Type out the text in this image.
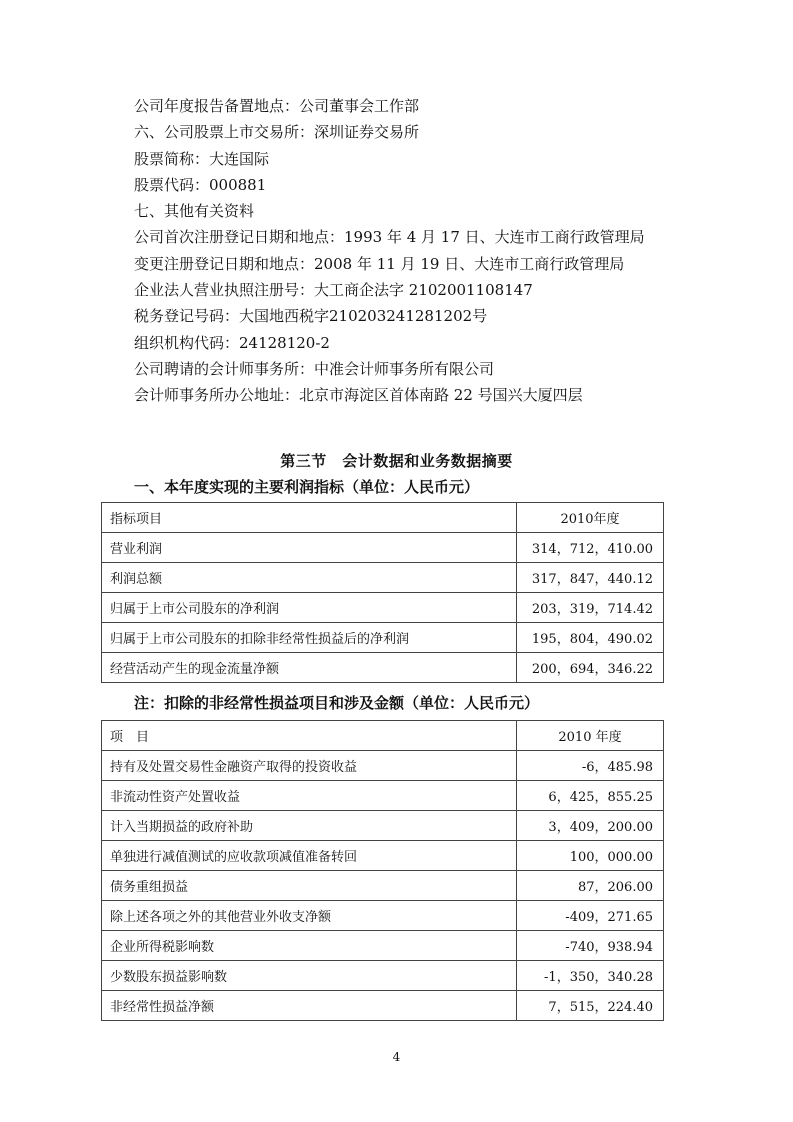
公司年度报告备置地点：公司董事会工作部
六、公司股票上市交易所：深圳证券交易所
股票简称：大连国际
股票代码：000881
七、其他有关资料
公司首次注册登记日期和地点：1993 年 4 月 17 日、大连市工商行政管理局
变更注册登记日期和地点：2008 年 11 月 19 日、大连市工商行政管理局
企业法人营业执照注册号：大工商企法字 2102001108147
税务登记号码：大国地西税字210203241281202号
组织机构代码：24128120-2
公司聘请的会计师事务所：中准会计师事务所有限公司
会计师事务所办公地址：北京市海淀区首体南路 22 号国兴大厦四层
第三节　会计数据和业务数据摘要
一、本年度实现的主要利润指标（单位：人民币元）
指标项目	2010年度
营业利润	314，712，410.00
利润总额	317，847，440.12
归属于上市公司股东的净利润	203，319，714.42
归属于上市公司股东的扣除非经常性损益后的净利润	195，804，490.02
经营活动产生的现金流量净额	200，694，346.22
注：扣除的非经常性损益项目和涉及金额（单位：人民币元）
项　目	2010 年度
持有及处置交易性金融资产取得的投资收益	-6，485.98
非流动性资产处置收益	6，425，855.25
计入当期损益的政府补助	3，409，200.00
单独进行减值测试的应收款项减值准备转回	100，000.00
债务重组损益	87，206.00
除上述各项之外的其他营业外收支净额	-409，271.65
企业所得税影响数	-740，938.94
少数股东损益影响数	-1，350，340.28
非经常性损益净额	7，515，224.40
4
